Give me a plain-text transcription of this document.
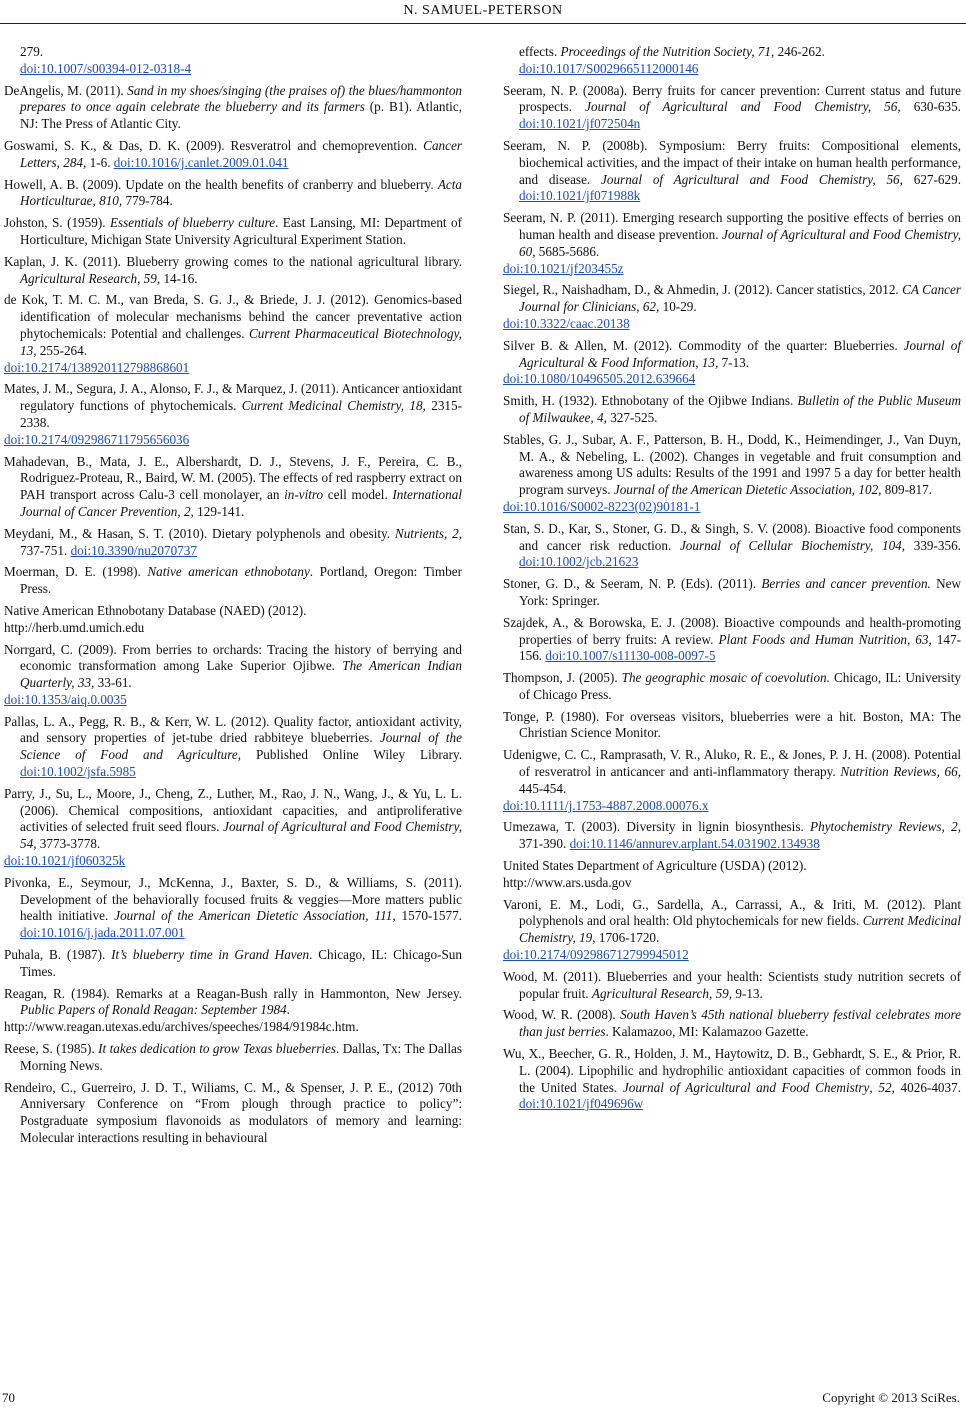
N. SAMUEL-PETERSON
279.
doi:10.1007/s00394-012-0318-4
DeAngelis, M. (2011). Sand in my shoes/singing (the praises of) the blues/hammonton prepares to once again celebrate the blueberry and its farmers (p. B1). Atlantic, NJ: The Press of Atlantic City.
Goswami, S. K., & Das, D. K. (2009). Resveratrol and chemoprevention. Cancer Letters, 284, 1-6. doi:10.1016/j.canlet.2009.01.041
Howell, A. B. (2009). Update on the health benefits of cranberry and blueberry. Acta Horticulturae, 810, 779-784.
Johston, S. (1959). Essentials of blueberry culture. East Lansing, MI: Department of Horticulture, Michigan State University Agricultural Experiment Station.
Kaplan, J. K. (2011). Blueberry growing comes to the national agricultural library. Agricultural Research, 59, 14-16.
de Kok, T. M. C. M., van Breda, S. G. J., & Briede, J. J. (2012). Genomics-based identification of molecular mechanisms behind the cancer preventative action phytochemicals: Potential and challenges. Current Pharmaceutical Biotechnology, 13, 255-264.
doi:10.2174/138920112798868601
Mates, J. M., Segura, J. A., Alonso, F. J., & Marquez, J. (2011). Anticancer antioxidant regulatory functions of phytochemicals. Current Medicinal Chemistry, 18, 2315-2338.
doi:10.2174/092986711795656036
Mahadevan, B., Mata, J. E., Albershardt, D. J., Stevens, J. F., Pereira, C. B., Rodriguez-Proteau, R., Baird, W. M. (2005). The effects of red raspberry extract on PAH transport across Calu-3 cell monolayer, an in-vitro cell model. International Journal of Cancer Prevention, 2, 129-141.
Meydani, M., & Hasan, S. T. (2010). Dietary polyphenols and obesity. Nutrients, 2, 737-751. doi:10.3390/nu2070737
Moerman, D. E. (1998). Native american ethnobotany. Portland, Oregon: Timber Press.
Native American Ethnobotany Database (NAED) (2012).
http://herb.umd.umich.edu
Norrgard, C. (2009). From berries to orchards: Tracing the history of berrying and economic transformation among Lake Superior Ojibwe. The American Indian Quarterly, 33, 33-61.
doi:10.1353/aiq.0.0035
Pallas, L. A., Pegg, R. B., & Kerr, W. L. (2012). Quality factor, antioxidant activity, and sensory properties of jet-tube dried rabbiteye blueberries. Journal of the Science of Food and Agriculture, Published Online Wiley Library. doi:10.1002/jsfa.5985
Parry, J., Su, L., Moore, J., Cheng, Z., Luther, M., Rao, J. N., Wang, J., & Yu, L. L. (2006). Chemical compositions, antioxidant capacities, and antiproliferative activities of selected fruit seed flours. Journal of Agricultural and Food Chemistry, 54, 3773-3778.
doi:10.1021/jf060325k
Pivonka, E., Seymour, J., McKenna, J., Baxter, S. D., & Williams, S. (2011). Development of the behaviorally focused fruits & veggies—More matters public health initiative. Journal of the American Dietetic Association, 111, 1570-1577. doi:10.1016/j.jada.2011.07.001
Puhala, B. (1987). It’s blueberry time in Grand Haven. Chicago, IL: Chicago-Sun Times.
Reagan, R. (1984). Remarks at a Reagan-Bush rally in Hammonton, New Jersey. Public Papers of Ronald Reagan: September 1984.
http://www.reagan.utexas.edu/archives/speeches/1984/91984c.htm.
Reese, S. (1985). It takes dedication to grow Texas blueberries. Dallas, Tx: The Dallas Morning News.
Rendeiro, C., Guerreiro, J. D. T., Wiliams, C. M., & Spenser, J. P. E., (2012) 70th Anniversary Conference on “From plough through practice to policy”: Postgraduate symposium flavonoids as modulators of memory and learning: Molecular interactions resulting in behavioural
effects. Proceedings of the Nutrition Society, 71, 246-262.
doi:10.1017/S0029665112000146
Seeram, N. P. (2008a). Berry fruits for cancer prevention: Current status and future prospects. Journal of Agricultural and Food Chemistry, 56, 630-635. doi:10.1021/jf072504n
Seeram, N. P. (2008b). Symposium: Berry fruits: Compositional elements, biochemical activities, and the impact of their intake on human health performance, and disease. Journal of Agricultural and Food Chemistry, 56, 627-629. doi:10.1021/jf071988k
Seeram, N. P. (2011). Emerging research supporting the positive effects of berries on human health and disease prevention. Journal of Agricultural and Food Chemistry, 60, 5685-5686.
doi:10.1021/jf203455z
Siegel, R., Naishadham, D., & Ahmedin, J. (2012). Cancer statistics, 2012. CA Cancer Journal for Clinicians, 62, 10-29.
doi:10.3322/caac.20138
Silver B. & Allen, M. (2012). Commodity of the quarter: Blueberries. Journal of Agricultural & Food Information, 13, 7-13.
doi:10.1080/10496505.2012.639664
Smith, H. (1932). Ethnobotany of the Ojibwe Indians. Bulletin of the Public Museum of Milwaukee, 4, 327-525.
Stables, G. J., Subar, A. F., Patterson, B. H., Dodd, K., Heimendinger, J., Van Duyn, M. A., & Nebeling, L. (2002). Changes in vegetable and fruit consumption and awareness among US adults: Results of the 1991 and 1997 5 a day for better health program surveys. Journal of the American Dietetic Association, 102, 809-817.
doi:10.1016/S0002-8223(02)90181-1
Stan, S. D., Kar, S., Stoner, G. D., & Singh, S. V. (2008). Bioactive food components and cancer risk reduction. Journal of Cellular Biochemistry, 104, 339-356. doi:10.1002/jcb.21623
Stoner, G. D., & Seeram, N. P. (Eds). (2011). Berries and cancer prevention. New York: Springer.
Szajdek, A., & Borowska, E. J. (2008). Bioactive compounds and health-promoting properties of berry fruits: A review. Plant Foods and Human Nutrition, 63, 147-156. doi:10.1007/s11130-008-0097-5
Thompson, J. (2005). The geographic mosaic of coevolution. Chicago, IL: University of Chicago Press.
Tonge, P. (1980). For overseas visitors, blueberries were a hit. Boston, MA: The Christian Science Monitor.
Udenigwe, C. C., Ramprasath, V. R., Aluko, R. E., & Jones, P. J. H. (2008). Potential of resveratrol in anticancer and anti-inflammatory therapy. Nutrition Reviews, 66, 445-454.
doi:10.1111/j.1753-4887.2008.00076.x
Umezawa, T. (2003). Diversity in lignin biosynthesis. Phytochemistry Reviews, 2, 371-390. doi:10.1146/annurev.arplant.54.031902.134938
United States Department of Agriculture (USDA) (2012).
http://www.ars.usda.gov
Varoni, E. M., Lodi, G., Sardella, A., Carrassi, A., & Iriti, M. (2012). Plant polyphenols and oral health: Old phytochemicals for new fields. Current Medicinal Chemistry, 19, 1706-1720.
doi:10.2174/092986712799945012
Wood, M. (2011). Blueberries and your health: Scientists study nutrition secrets of popular fruit. Agricultural Research, 59, 9-13.
Wood, W. R. (2008). South Haven’s 45th national blueberry festival celebrates more than just berries. Kalamazoo, MI: Kalamazoo Gazette.
Wu, X., Beecher, G. R., Holden, J. M., Haytowitz, D. B., Gebhardt, S. E., & Prior, R. L. (2004). Lipophilic and hydrophilic antioxidant capacities of common foods in the United States. Journal of Agricultural and Food Chemistry, 52, 4026-4037. doi:10.1021/jf049696w
70	Copyright © 2013 SciRes.
